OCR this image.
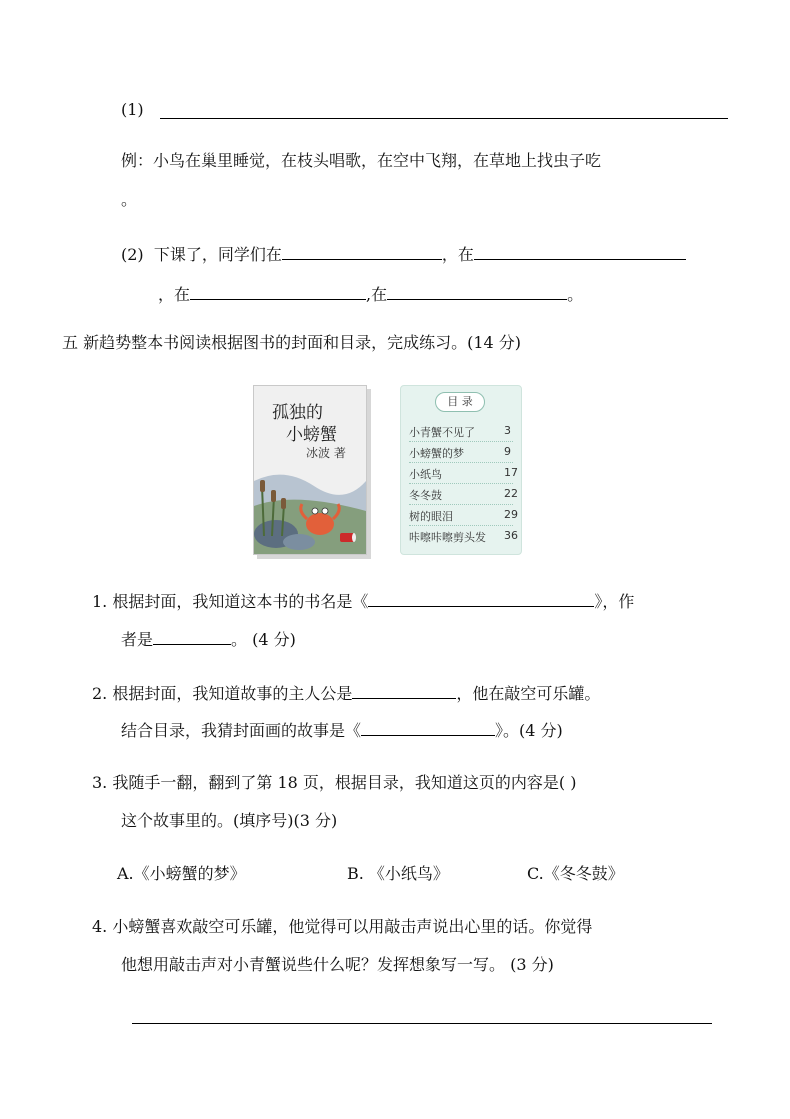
(1)
例：小鸟在巢里睡觉，在枝头唱歌，在空中飞翔，在草地上找虫子吃
。
(2) 下课了，同学们在	，在
，在	,在	。
五 新趋势整本书阅读根据图书的封面和目录，完成练习。(14 分)
孤独的
小螃蟹
冰波 著
目 录
小青蟹不见了	3
小螃蟹的梦	9
小纸鸟	17
冬冬鼓	22
树的眼泪	29
咔嚓咔嚓剪头发 36
1. 根据封面，我知道这本书的书名是《	》，作
者是	。 (4 分)
2. 根据封面，我知道故事的主人公是	，他在敲空可乐罐。
结合目录，我猜封面画的故事是《	》。(4 分)
3. 我随手一翻，翻到了第 18 页，根据目录，我知道这页的内容是( )
这个故事里的。(填序号)(3 分)
A.《小螃蟹的梦》	B. 《小纸鸟》	C.《冬冬鼓》
4. 小螃蟹喜欢敲空可乐罐，他觉得可以用敲击声说出心里的话。你觉得
他想用敲击声对小青蟹说些什么呢？发挥想象写一写。 (3 分)
